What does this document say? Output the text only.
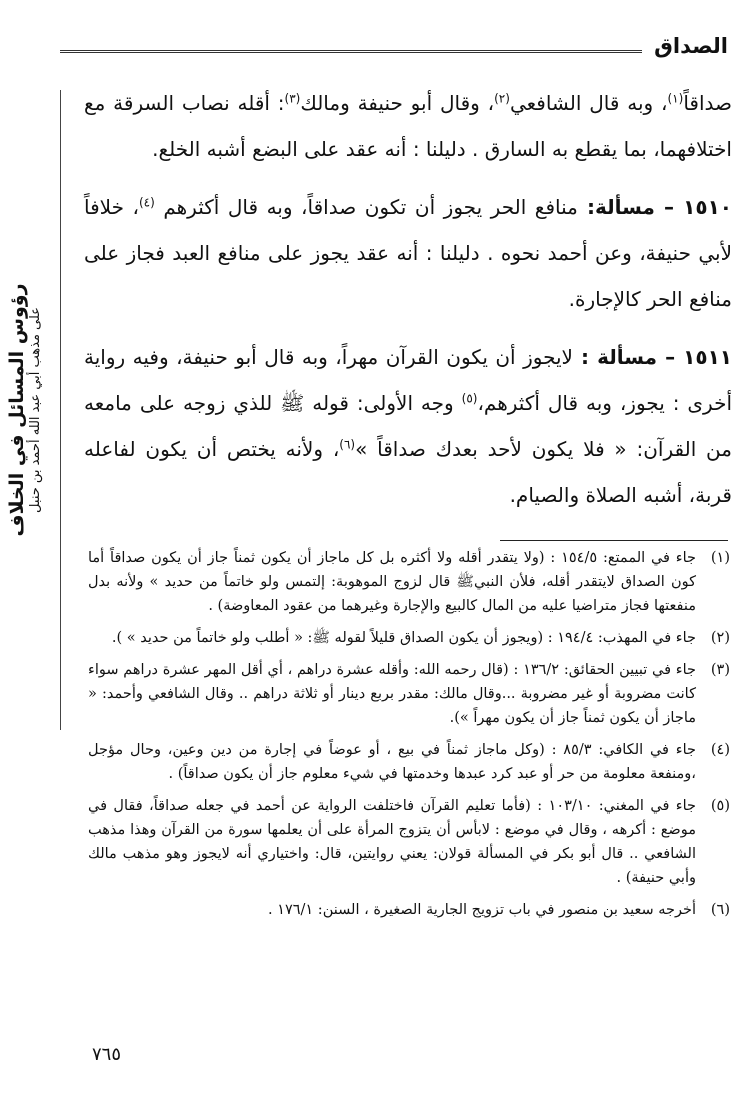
الصداق
رؤوس المسائل في الخلاف على مذهب أبي عبد الله أحمد بن حنبل

صداقاً$^{(١)}$، وبه قال الشافعي$^{(٢)}$، وقال أبو حنيفة ومالك$^{(٣)}$: أقله نصاب السرقة مع اختلافهما، بما يقطع به السارق . دليلنا : أنه عقد على البضع أشبه الخلع.

١٥١٠ – مسألة: منافع الحر يجوز أن تكون صداقاً، وبه قال أكثرهم $^{(٤)}$، خلافاً لأبي حنيفة، وعن أحمد نحوه . دليلنا : أنه عقد يجوز على منافع العبد فجاز على منافع الحر كالإجارة.

١٥١١ – مسألة : لايجوز أن يكون القرآن مهراً، وبه قال أبو حنيفة، وفيه رواية أخرى : يجوز، وبه قال أكثرهم،$^{(٥)}$ وجه الأولى: قوله ﷺ للذي زوجه على مامعه من القرآن: « فلا يكون لأحد بعدك صداقاً »$^{(٦)}$، ولأنه يختص أن يكون لفاعله قربة، أشبه الصلاة والصيام.

(١)
جاء في الممتع: ١٥٤/٥ : (ولا يتقدر أقله ولا أكثره بل كل ماجاز أن يكون ثمناً جاز أن يكون صداقاً أما كون الصداق لايتقدر أقله، فلأن النبيﷺ قال لزوج الموهوبة: إلتمس ولو خاتماً من حديد » ولأنه بدل منفعتها فجاز متراضيا عليه من المال كالبيع والإجارة وغيرهما من عقود المعاوضة) .
(٢)
جاء في المهذب: ١٩٤/٤ : (ويجوز أن يكون الصداق قليلاً لقوله ﷺ: « أطلب ولو خاتماً من حديد » ).
(٣)
جاء في تبيين الحقائق: ١٣٦/٢ : (قال رحمه الله: وأقله عشرة دراهم ، أي أقل المهر عشرة دراهم سواء كانت مضروبة أو غير مضروبة ...وقال مالك: مقدر بربع دينار أو ثلاثة دراهم .. وقال الشافعي وأحمد: « ماجاز أن يكون ثمناً جاز أن يكون مهراً »).
(٤)
جاء في الكافي: ٨٥/٣ : (وكل ماجاز ثمناً في بيع ، أو عوضاً في إجارة من دين وعين، وحال مؤجل ،ومنفعة معلومة من حر أو عبد كرد عبدها وخدمتها في شيء معلوم جاز أن يكون صداقاً) .
(٥)
جاء في المغني: ١٠٣/١٠ : (فأما تعليم القرآن فاختلفت الرواية عن أحمد في جعله صداقاً، فقال في موضع : أكرهه ، وقال في موضع : لابأس أن يتزوج المرأة على أن يعلمها سورة من القرآن وهذا مذهب الشافعي .. قال أبو بكر في المسألة قولان: يعني روايتين، قال: واختياري أنه لايجوز وهو مذهب مالك وأبي حنيفة) .
(٦)
أخرجه سعيد بن منصور في باب تزويج الجارية الصغيرة ، السنن: ١٧٦/١ .
٧٦٥
